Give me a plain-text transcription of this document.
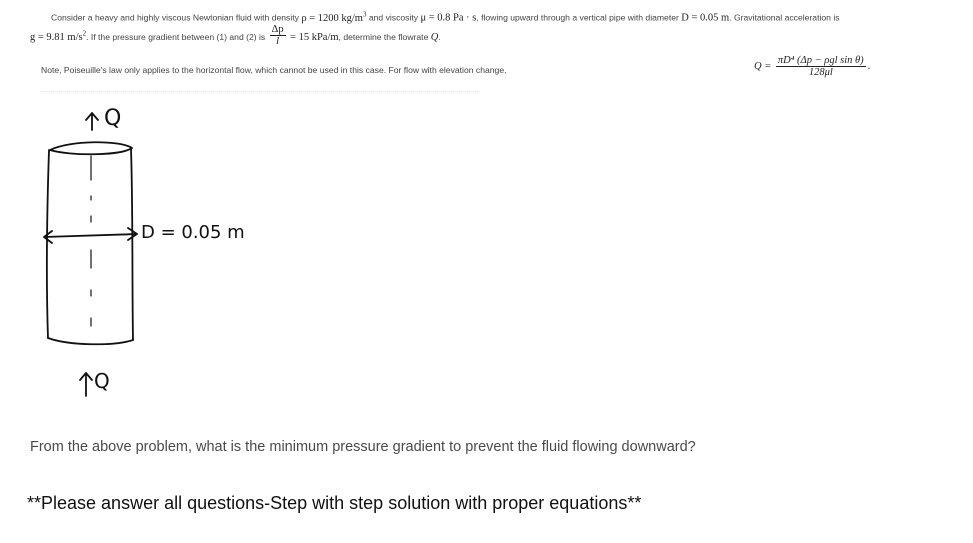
Consider a heavy and highly viscous Newtonian fluid with density ρ = 1200 $kg/m^3$ and viscosity μ = 0.8 Pa · s, flowing upward through a vertical pipe with diameter D = 0.05 m. Gravitational acceleration is
g = 9.81 $m/s^2$. If the pressure gradient between (1) and (2) is $\frac{\Delta p}{l} = 15$ kPa/m, determine the flowrate Q.
Note, Poiseuille's law only applies to the horizontal flow, which cannot be used in this case. For flow with elevation change,	$Q = \frac{\text{πD⁴ (Δp − ρgl sin θ)}}{128\mu l}$ .
Q
Q
D = 0.05 m
From the above problem, what is the minimum pressure gradient to prevent the fluid flowing downward?
**Please answer all questions-Step with step solution with proper equations**
